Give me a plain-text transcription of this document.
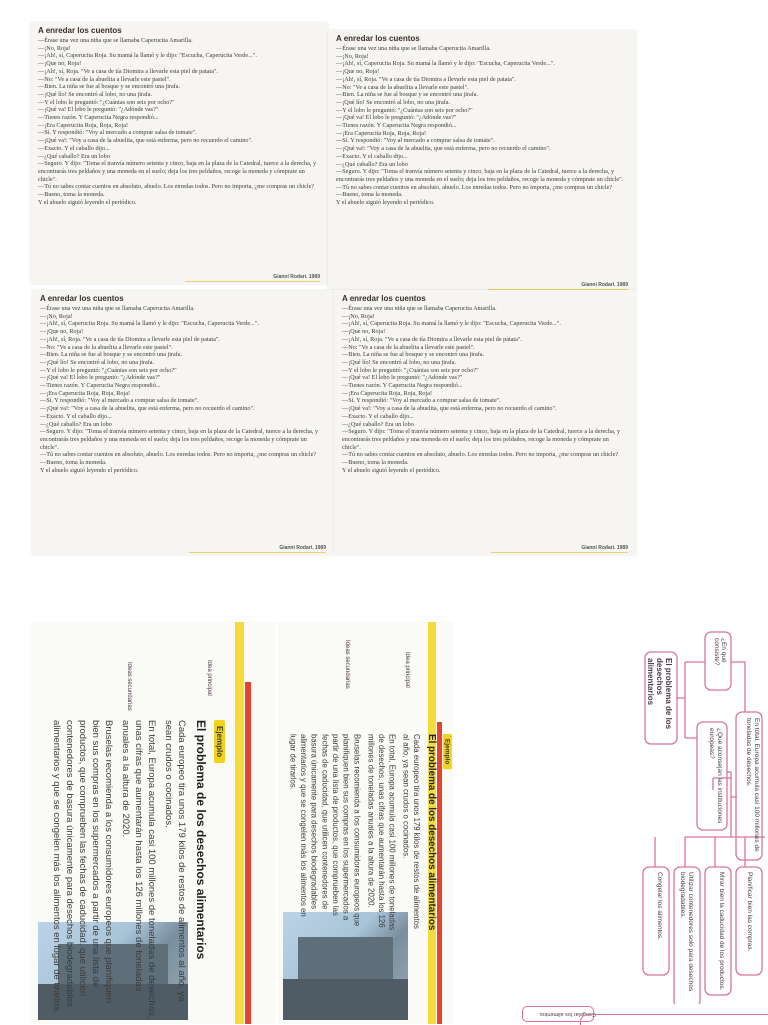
A enredar los cuentos
—Érase una vez una niña que se llamaba Caperucita Amarilla.
—¡No, Roja!
—¡Ah!, sí, Caperucita Roja. Su mamá la llamó y le dijo: "Escucha, Caperucita Verde...".
—¡Que no, Roja!
—¡Ah!, sí, Roja. "Ve a casa de tía Diomira a llevarle esta piel de patata".
—No: "Ve a casa de la abuelita a llevarle este pastel".
—Bien. La niña se fue al bosque y se encontró una jirafa.
—¡Qué lío! Se encontró al lobo, no una jirafa.
—Y el lobo le preguntó: "¿Cuántas son seis por ocho?"
—¡Qué va! El lobo le preguntó: "¿Adónde vas?"
—Tienes razón. Y Caperucita Negra respondió...
—¡Era Caperucita Roja, Roja, Roja!
—Sí. Y respondió: "Voy al mercado a comprar salsa de tomate".
—¡Qué va!: "Voy a casa de la abuelita, que está enferma, pero no recuerdo el camino".
—Exacto. Y el caballo dijo...
—¿Qué caballo? Era un lobo
—Seguro. Y dijo: "Toma el tranvía número setenta y cinco, baja en la plaza de la Catedral, tuerce a la derecha, y encontrarás tres peldaños y una moneda en el suelo; deja los tres peldaños, recoge la moneda y cómprate un chicle".
—Tú no sabes contar cuentos en absoluto, abuelo. Los enredas todos. Pero no importa, ¿me compras un chicle?
—Bueno, toma la moneda.
Y el abuelo siguió leyendo el periódico.
Gianni Rodari. 1989
A enredar los cuentos
—Érase una vez una niña que se llamaba Caperucita Amarilla.
—¡No, Roja!
—¡Ah!, sí, Caperucita Roja. Su mamá la llamó y le dijo: "Escucha, Caperucita Verde...".
—¡Que no, Roja!
—¡Ah!, sí, Roja. "Ve a casa de tía Diomira a llevarle esta piel de patata".
—No: "Ve a casa de la abuelita a llevarle este pastel".
—Bien. La niña se fue al bosque y se encontró una jirafa.
—¡Qué lío! Se encontró al lobo, no una jirafa.
—Y el lobo le preguntó: "¿Cuántas son seis por ocho?"
—¡Qué va! El lobo le preguntó: "¿Adónde vas?"
—Tienes razón. Y Caperucita Negra respondió...
—¡Era Caperucita Roja, Roja, Roja!
—Sí. Y respondió: "Voy al mercado a comprar salsa de tomate".
—¡Qué va!: "Voy a casa de la abuelita, que está enferma, pero no recuerdo el camino".
—Exacto. Y el caballo dijo...
—¿Qué caballo? Era un lobo
—Seguro. Y dijo: "Toma el tranvía número setenta y cinco, baja en la plaza de la Catedral, tuerce a la derecha, y encontrarás tres peldaños y una moneda en el suelo; deja los tres peldaños, recoge la moneda y cómprate un chicle".
—Tú no sabes contar cuentos en absoluto, abuelo. Los enredas todos. Pero no importa, ¿me compras un chicle?
—Bueno, toma la moneda.
Y el abuelo siguió leyendo el periódico.
Gianni Rodari. 1989
A enredar los cuentos
—Érase una vez una niña que se llamaba Caperucita Amarilla.
—¡No, Roja!
—¡Ah!, sí, Caperucita Roja. Su mamá la llamó y le dijo: "Escucha, Caperucita Verde...".
—¡Que no, Roja!
—¡Ah!, sí, Roja. "Ve a casa de tía Diomira a llevarle esta piel de patata".
—No: "Ve a casa de la abuelita a llevarle este pastel".
—Bien. La niña se fue al bosque y se encontró una jirafa.
—¡Qué lío! Se encontró al lobo, no una jirafa.
—Y el lobo le preguntó: "¿Cuántas son seis por ocho?"
—¡Qué va! El lobo le preguntó: "¿Adónde vas?"
—Tienes razón. Y Caperucita Negra respondió...
—¡Era Caperucita Roja, Roja, Roja!
—Sí. Y respondió: "Voy al mercado a comprar salsa de tomate".
—¡Qué va!: "Voy a casa de la abuelita, que está enferma, pero no recuerdo el camino".
—Exacto. Y el caballo dijo...
—¿Qué caballo? Era un lobo
—Seguro. Y dijo: "Toma el tranvía número setenta y cinco, baja en la plaza de la Catedral, tuerce a la derecha, y encontrarás tres peldaños y una moneda en el suelo; deja los tres peldaños, recoge la moneda y cómprate un chicle".
—Tú no sabes contar cuentos en absoluto, abuelo. Los enredas todos. Pero no importa, ¿me compras un chicle?
—Bueno, toma la moneda.
Y el abuelo siguió leyendo el periódico.
Gianni Rodari. 1989
A enredar los cuentos
—Érase una vez una niña que se llamaba Caperucita Amarilla.
—¡No, Roja!
—¡Ah!, sí, Caperucita Roja. Su mamá la llamó y le dijo: "Escucha, Caperucita Verde...".
—¡Que no, Roja!
—¡Ah!, sí, Roja. "Ve a casa de tía Diomira a llevarle esta piel de patata".
—No: "Ve a casa de la abuelita a llevarle este pastel".
—Bien. La niña se fue al bosque y se encontró una jirafa.
—¡Qué lío! Se encontró al lobo, no una jirafa.
—Y el lobo le preguntó: "¿Cuántas son seis por ocho?"
—¡Qué va! El lobo le preguntó: "¿Adónde vas?"
—Tienes razón. Y Caperucita Negra respondió...
—¡Era Caperucita Roja, Roja, Roja!
—Sí. Y respondió: "Voy al mercado a comprar salsa de tomate".
—¡Qué va!: "Voy a casa de la abuelita, que está enferma, pero no recuerdo el camino".
—Exacto. Y el caballo dijo...
—¿Qué caballo? Era un lobo
—Seguro. Y dijo: "Toma el tranvía número setenta y cinco, baja en la plaza de la Catedral, tuerce a la derecha, y encontrarás tres peldaños y una moneda en el suelo; deja los tres peldaños, recoge la moneda y cómprate un chicle".
—Tú no sabes contar cuentos en absoluto, abuelo. Los enredas todos. Pero no importa, ¿me compras un chicle?
—Bueno, toma la moneda.
Y el abuelo siguió leyendo el periódico.
Gianni Rodari. 1989
Ejemplo
El problema de los desechos alimentarios

Cada europeo tira unos 179 kilos de restos de alimentos al año, ya sean crudos o cocinados.

En total, Europa acumula casi 100 millones de toneladas de desechos, unas cifras que aumentarán hasta los 126 millones de toneladas anuales a la altura de 2020.

Bruselas recomienda a los consumidores europeos que planifiquen bien sus compras en los supermercados a partir de una lista de productos, que comprueben las fechas de caducidad, que utilicen contenedores de basura únicamente para desechos biodegradables alimentarios y que se congelen más los alimentos en lugar de tirarlos.

Idea principal
Ideas secundarias
Ejemplo
El problema de los desechos alimentarios

Cada europeo tira unos 179 kilos de restos de alimentos al año, ya sean crudos o cocinados.

En total, Europa acumula casi 100 millones de toneladas de desechos, unas cifras que aumentarán hasta los 126 millones de toneladas anuales a la altura de 2020.

Bruselas recomienda a los consumidores europeos que planifiquen bien sus compras en los supermercados a partir de una lista de productos, que comprueben las fechas de caducidad, que utilicen contenedores de basura únicamente para desechos biodegradables alimentarios y que se congelen más los alimentos en lugar de tirarlos.

Idea principal
Ideas secundarias	El problema de los desechos alimentarios
¿En qué consiste?
¿Qué aconsejan las instituciones europeas?	En total, Europa acumula casi 100 millones de toneladas de desechos.
Planificar bien las compras.
Mirar bien la caducidad de los productos.
Utilizar contenedores solo para desechos biodegradables.
Congelar los alimentos.
Congelar los alimentos.
